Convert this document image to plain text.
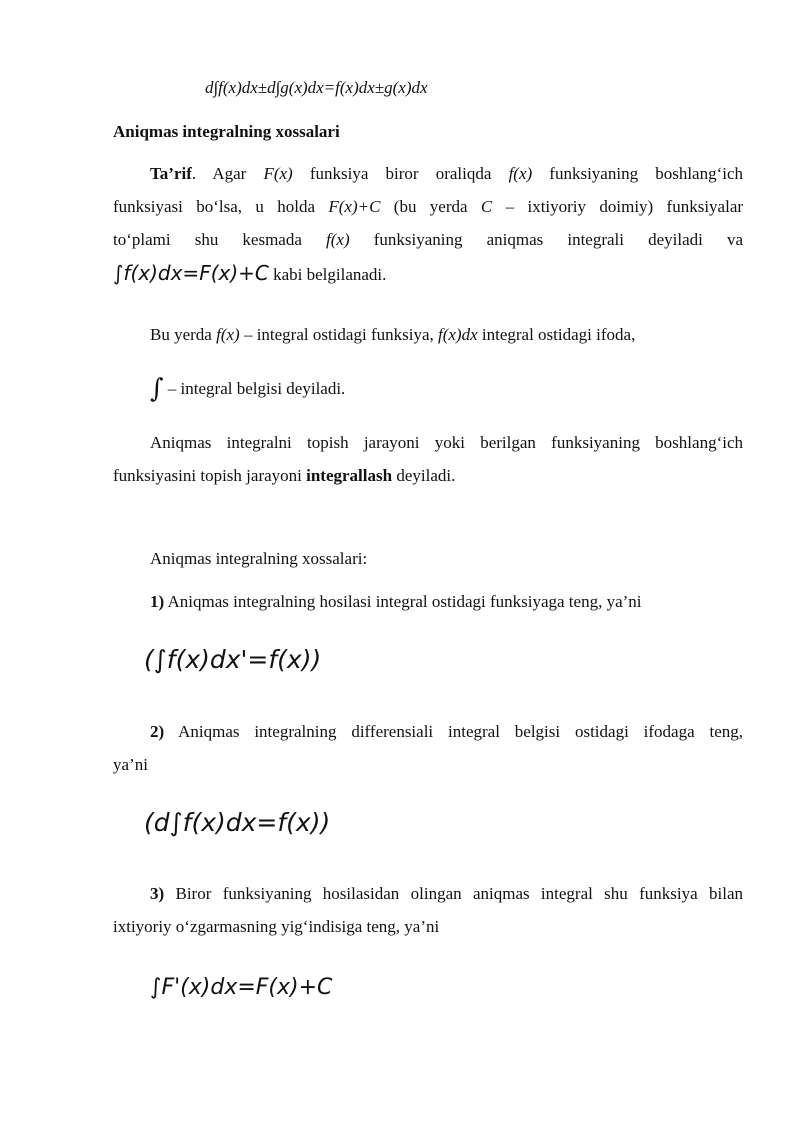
d∫f(x)dx±d∫g(x)dx=f(x)dx±g(x)dx
Aniqmas integralning xossalari
Ta’rif. Agar F(x) funksiya biror oraliqda f(x) funksiyaning boshlang‘ich
funksiyasi bo‘lsa, u holda F(x)+C (bu yerda C – ixtiyoriy doimiy) funksiyalar
to‘plami shu kesmada f(x) funksiyaning aniqmas integrali deyiladi va
∫f(x)dx=F(x)+C kabi belgilanadi.
Bu yerda f(x) – integral ostidagi funksiya, f(x)dx integral ostidagi ifoda,
∫ – integral belgisi deyiladi.
Aniqmas integralni topish jarayoni yoki berilgan funksiyaning boshlang‘ich
funksiyasini topish jarayoni integrallash deyiladi.
Aniqmas integralning xossalari:
1) Aniqmas integralning hosilasi integral ostidagi funksiyaga teng, ya’ni
(∫f(x)dx'=f(x))
2) Aniqmas integralning differensiali integral belgisi ostidagi ifodaga teng,
ya’ni
(d∫f(x)dx=f(x))
3) Biror funksiyaning hosilasidan olingan aniqmas integral shu funksiya bilan
ixtiyoriy o‘zgarmasning yig‘indisiga teng, ya’ni
∫F'(x)dx=F(x)+C
